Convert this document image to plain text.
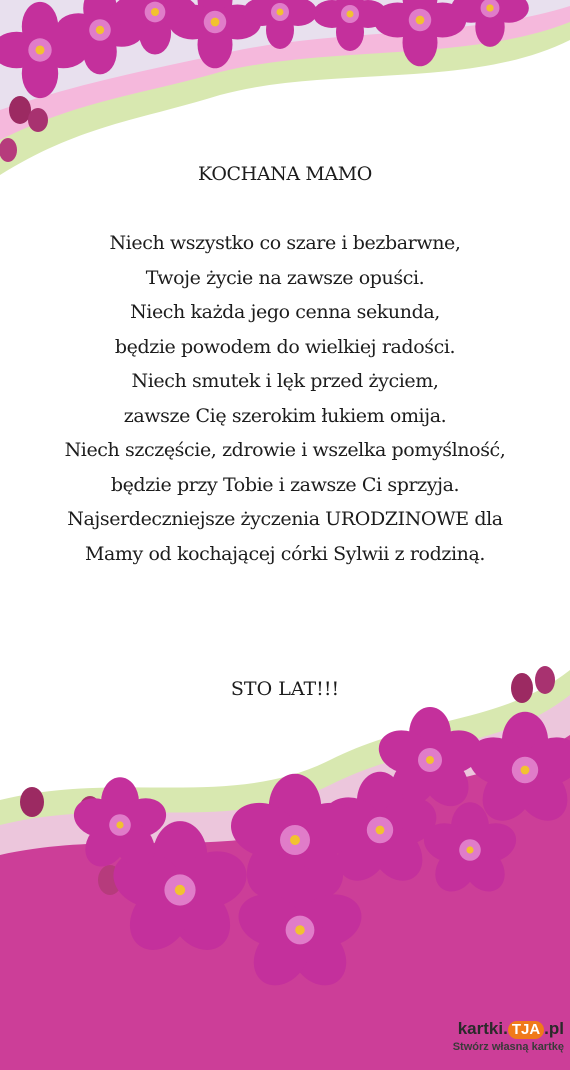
KOCHANA MAMO
Niech wszystko co szare i bezbarwne,
Twoje życie na zawsze opuści.
Niech każda jego cenna sekunda,
będzie powodem do wielkiej radości.
Niech smutek i lęk przed życiem,
zawsze Cię szerokim łukiem omija.
Niech szczęście, zdrowie i wszelka pomyślność,
będzie przy Tobie i zawsze Ci sprzyja.
Najserdeczniejsze życzenia URODZINOWE dla
Mamy od kochającej córki Sylwii z rodziną.
STO LAT!!!
kartki. TJA .pl
Stwórz własną kartkę
